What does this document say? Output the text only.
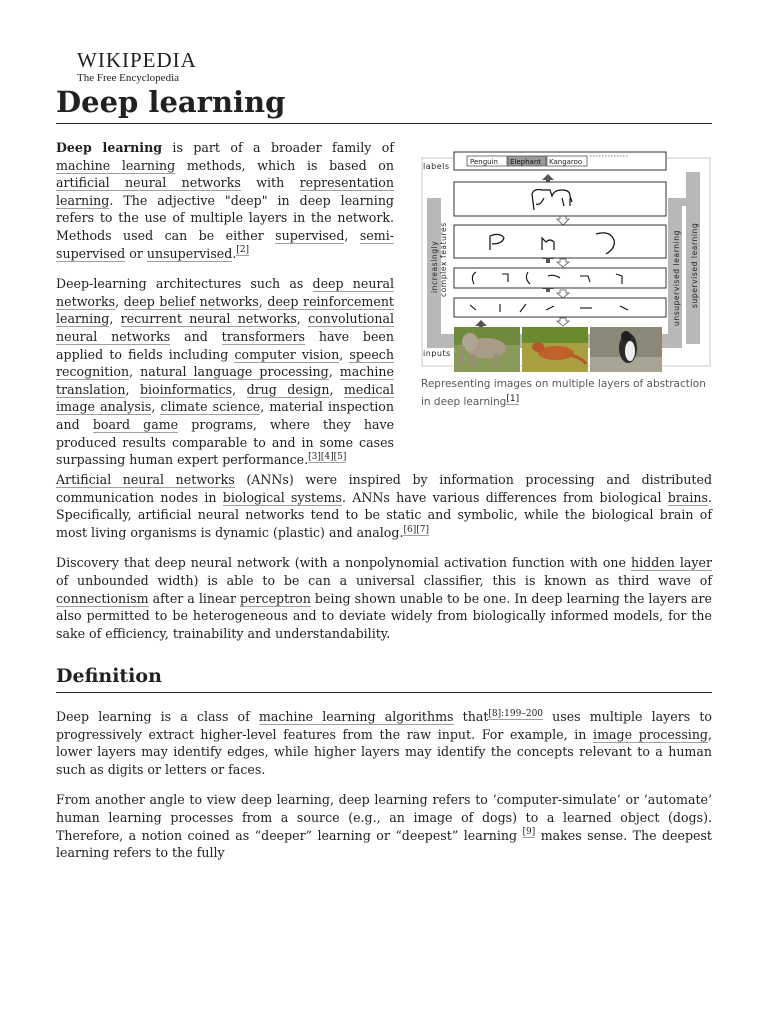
WIKIPEDIA
The Free Encyclopedia
Deep learning

Deep learning is part of a broader family of machine learning methods, which is based on artificial neural networks with representation learning. The adjective "deep" in deep learning refers to the use of multiple layers in the network. Methods used can be either supervised, semi-supervised or unsupervised.[2]

Deep-learning architectures such as deep neural networks, deep belief networks, deep reinforcement learning, recurrent neural networks, convolutional neural networks and transformers have been applied to fields including computer vision, speech recognition, natural language processing, machine translation, bioinformatics, drug design, medical image analysis, climate science, material inspection and board game programs, where they have produced results comparable to and in some cases surpassing human expert performance.[3][4][5]

increasingly complex features	unsupervised learning supervised learning
labels
inputs
Penguin Elephant Kangaroo
Representing images on multiple layers of abstraction in deep learning[1]

Artificial neural networks (ANNs) were inspired by information processing and distributed communication nodes in biological systems. ANNs have various differences from biological brains. Specifically, artificial neural networks tend to be static and symbolic, while the biological brain of most living organisms is dynamic (plastic) and analog.[6][7]

Discovery that deep neural network (with a nonpolynomial activation function with one hidden layer of unbounded width) is able to be can a universal classifier, this is known as third wave of connectionism after a linear perceptron being shown unable to be one. In deep learning the layers are also permitted to be heterogeneous and to deviate widely from biologically informed models, for the sake of efficiency, trainability and understandability.

Definition

Deep learning is a class of machine learning algorithms that$^{[8]:199-200}$ uses multiple layers to progressively extract higher-level features from the raw input. For example, in image processing, lower layers may identify edges, while higher layers may identify the concepts relevant to a human such as digits or letters or faces.

From another angle to view deep learning, deep learning refers to ‘computer-simulate’ or ‘automate’ human learning processes from a source (e.g., an image of dogs) to a learned object (dogs). Therefore, a notion coined as “deeper” learning or “deepest” learning [9] makes sense. The deepest learning refers to the fully
